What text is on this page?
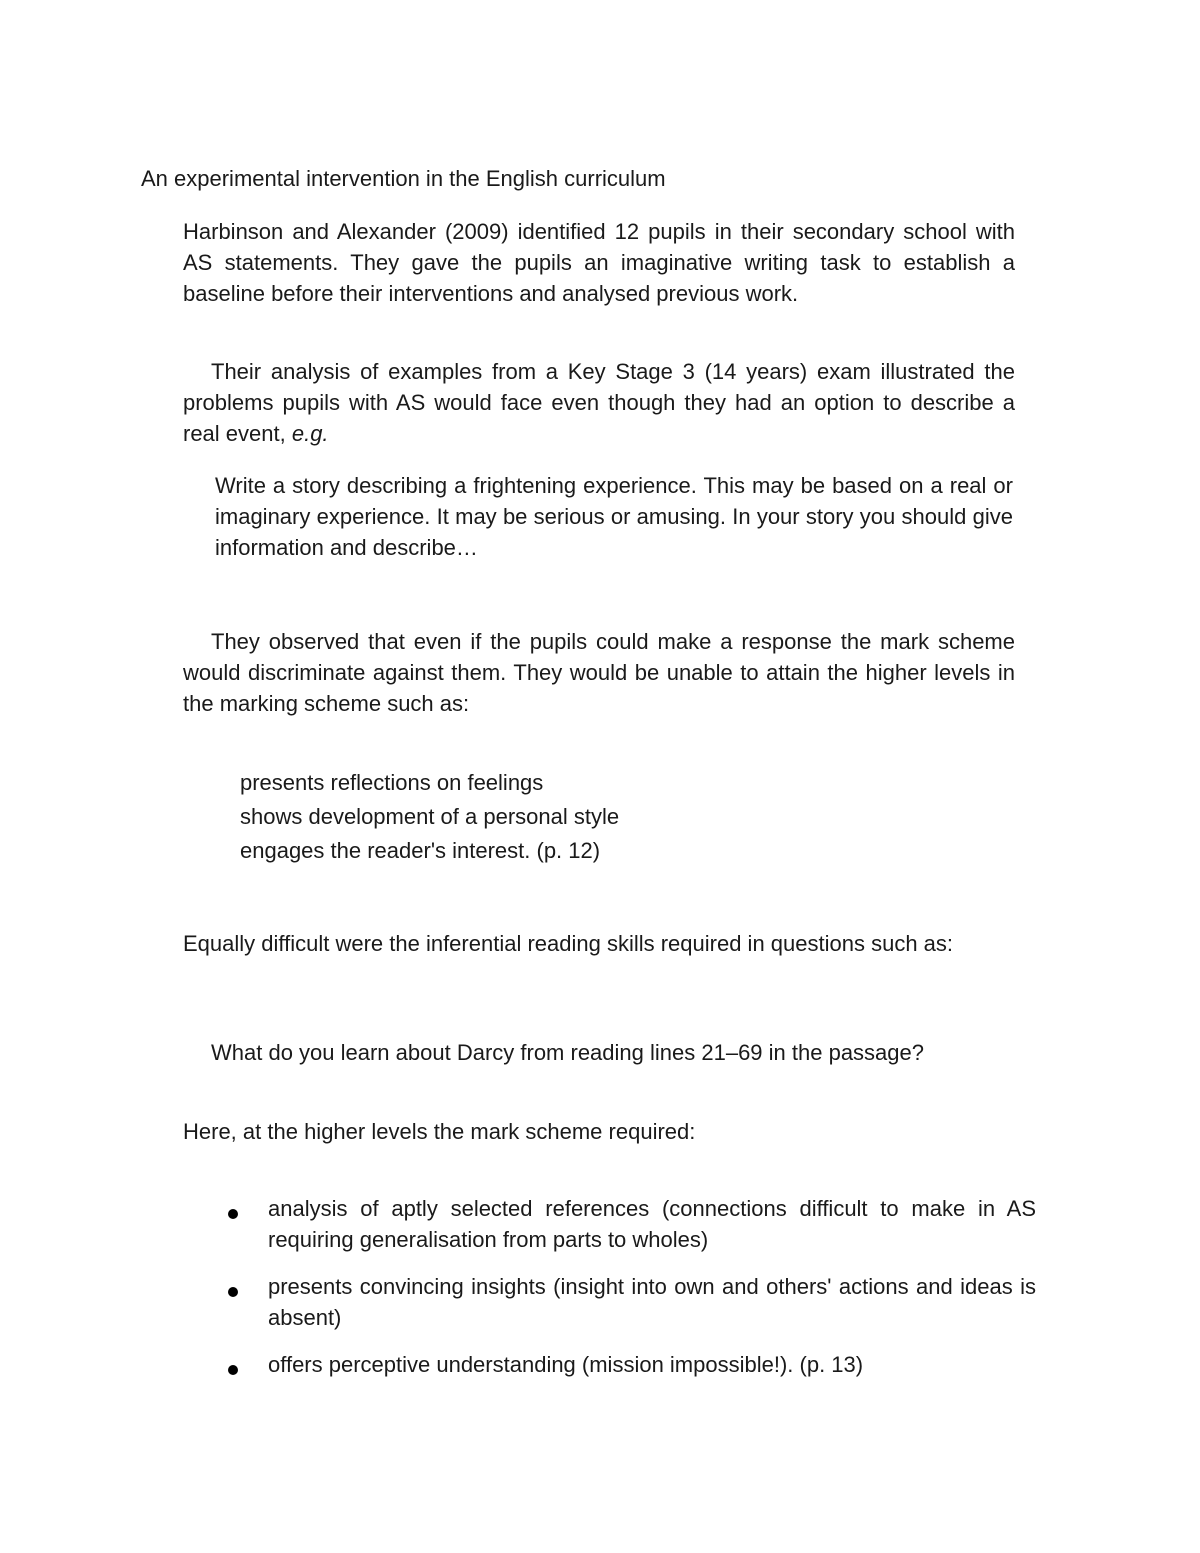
An experimental intervention in the English curriculum

Harbinson and Alexander (2009) identified 12 pupils in their secondary school with AS statements. They gave the pupils an imaginative writing task to establish a baseline before their interventions and analysed previous work.

Their analysis of examples from a Key Stage 3 (14 years) exam illustrated the problems pupils with AS would face even though they had an option to describe a real event, e.g.

Write a story describing a frightening experience. This may be based on a real or imaginary experience. It may be serious or amusing. In your story you should give information and describe…

They observed that even if the pupils could make a response the mark scheme would discriminate against them. They would be unable to attain the higher levels in the marking scheme such as:

presents reflections on feelings
shows development of a personal style
engages the reader's interest. (p. 12)

Equally difficult were the inferential reading skills required in questions such as:

What do you learn about Darcy from reading lines 21–69 in the passage?

Here, at the higher levels the mark scheme required:

analysis of aptly selected references (connections difficult to make in AS requiring generalisation from parts to wholes)
presents convincing insights (insight into own and others' actions and ideas is absent)
offers perceptive understanding (mission impossible!). (p. 13)
